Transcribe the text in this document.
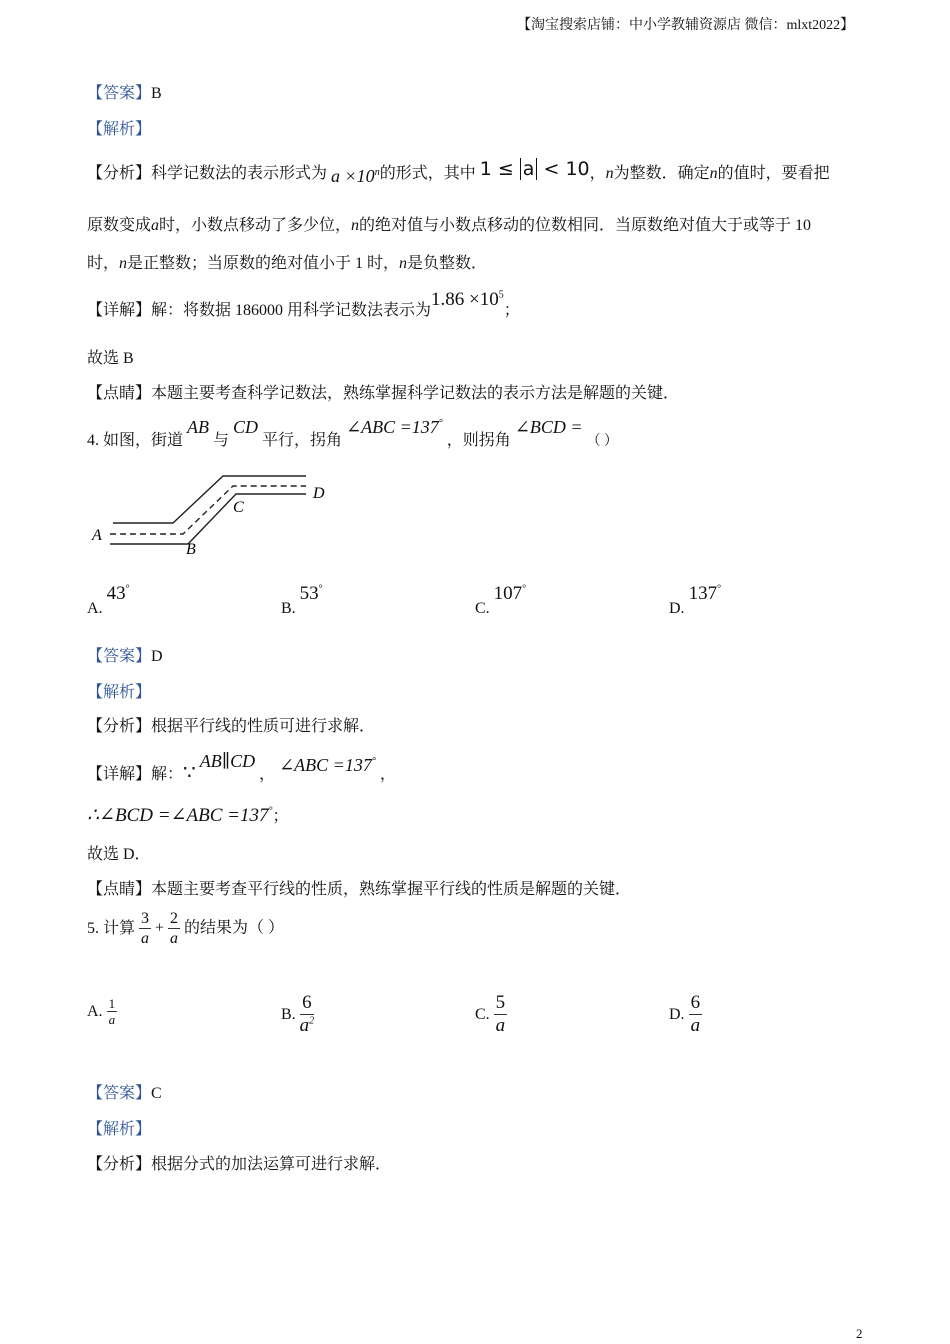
【淘宝搜索店铺：中小学教辅资源店 微信：mlxt2022】
【答案】B
【解析】
【分析】科学记数法的表示形式为 $a \times 10^n$的形式，其中 1 ≤ a < 10，n为整数．确定n的值时，要看把
原数变成a时，小数点移动了多少位，n的绝对值与小数点移动的位数相同．当原数绝对值大于或等于 10
时，n是正整数；当原数的绝对值小于 1 时，n是负整数．
【详解】解：将数据 186000 用科学记数法表示为$1.86 \times 10^5$；
故选 B
【点睛】本题主要考查科学记数法，熟练掌握科学记数法的表示方法是解题的关键．
4. 如图，街道 AB 与 CD 平行，拐角 ∠ABC =137° ，则拐角 ∠BCD = （ ）
A
B
C
D
A. 43°
B. 53°
C. 107°
D. 137°
【答案】D
【解析】
【分析】根据平行线的性质可进行求解．
【详解】解：∵ AB∥CD ， ∠ABC =137° ，
∴∠BCD =∠ABC =137°；
故选 D．
【点睛】本题主要考查平行线的性质，熟练掌握平行线的性质是解题的关键．
5. 计算 $\frac{3}{a} + \frac{2}{a}$ 的结果为（ ）
A. $\frac{1}{a}$	B. $\frac{6}{a^2}$	C. $\frac{5}{a}$	D. $\frac{6}{a}$
【答案】C
【解析】
【分析】根据分式的加法运算可进行求解．
2
